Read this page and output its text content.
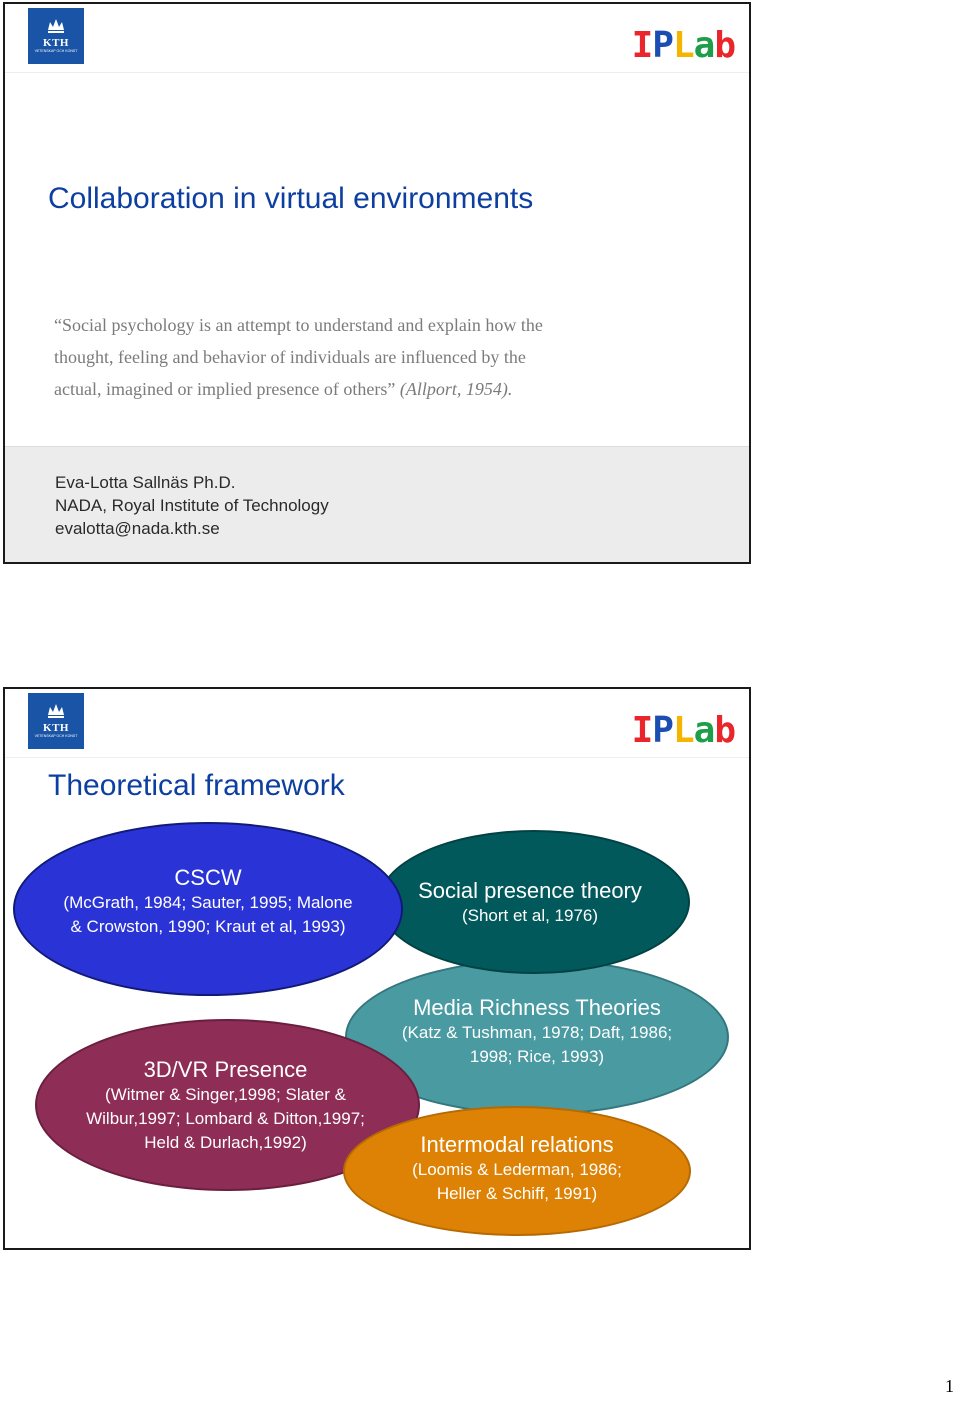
KTH
VETENSKAP OCH KONST	IPLab
Collaboration in virtual environments
“Social psychology is an attempt to understand and explain how the
thought, feeling and behavior of individuals are influenced by the
actual, imagined or implied presence of others” (Allport, 1954).
Eva-Lotta Sallnäs Ph.D.
NADA, Royal Institute of Technology
evalotta@nada.kth.se
KTH
VETENSKAP OCH KONST	IPLab
Theoretical framework
Media Richness Theories
(Katz & Tushman, 1978; Daft, 1986;
1998; Rice, 1993)
Social presence theory
(Short et al, 1976)
CSCW
(McGrath, 1984; Sauter, 1995; Malone
& Crowston, 1990; Kraut et al, 1993)
3D/VR Presence
(Witmer & Singer,1998; Slater &
Wilbur,1997; Lombard & Ditton,1997;
Held & Durlach,1992)	Intermodal relations
(Loomis & Lederman, 1986;
Heller & Schiff, 1991)
1
